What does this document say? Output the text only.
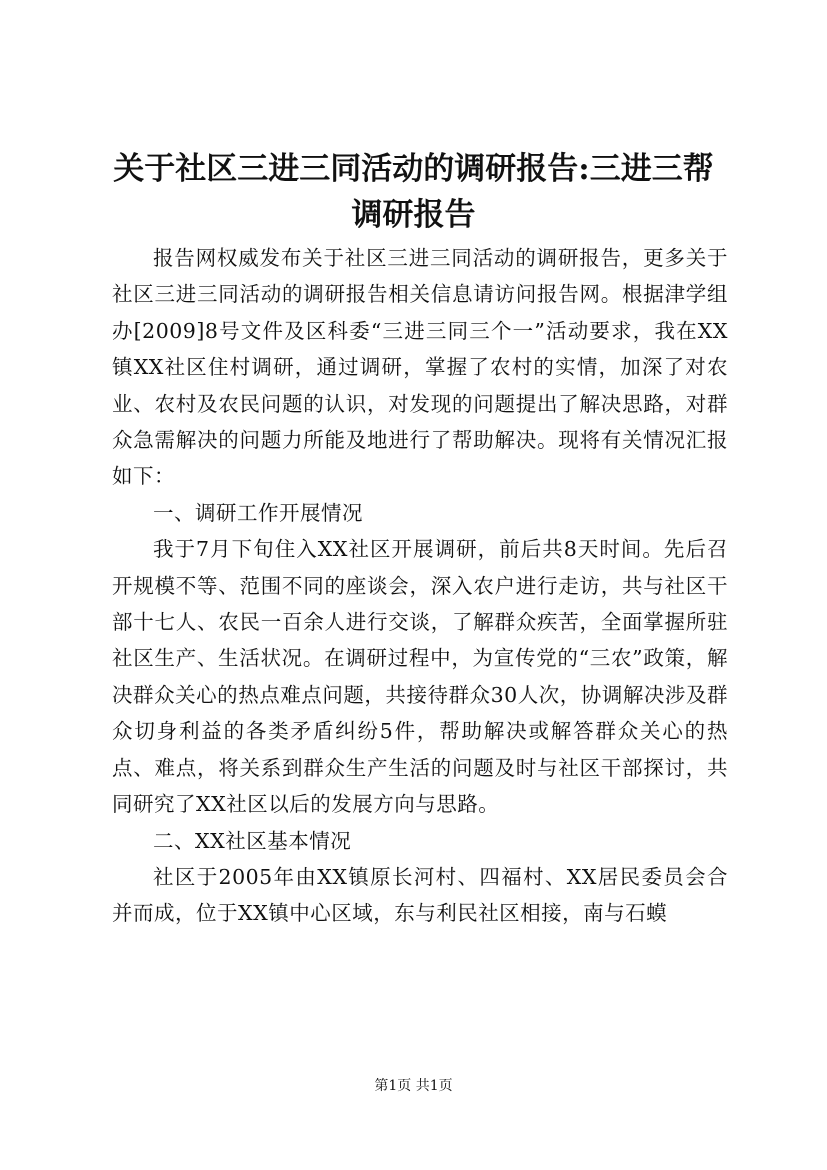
关于社区三进三同活动的调研报告:三进三帮调研报告

报告网权威发布关于社区三进三同活动的调研报告，更多关于社区三进三同活动的调研报告相关信息请访问报告网。根据津学组办[2009]8号文件及区科委“三进三同三个一”活动要求，我在XX镇XX社区住村调研，通过调研，掌握了农村的实情，加深了对农业、农村及农民问题的认识，对发现的问题提出了解决思路，对群众急需解决的问题力所能及地进行了帮助解决。现将有关情况汇报如下：

一、调研工作开展情况

我于7月下旬住入XX社区开展调研，前后共8天时间。先后召开规模不等、范围不同的座谈会，深入农户进行走访，共与社区干部十七人、农民一百余人进行交谈，了解群众疾苦，全面掌握所驻社区生产、生活状况。在调研过程中，为宣传党的“三农”政策，解决群众关心的热点难点问题，共接待群众30人次，协调解决涉及群众切身利益的各类矛盾纠纷5件，帮助解决或解答群众关心的热点、难点，将关系到群众生产生活的问题及时与社区干部探讨，共同研究了XX社区以后的发展方向与思路。

二、XX社区基本情况

社区于2005年由XX镇原长河村、四福村、XX居民委员会合并而成，位于XX镇中心区域，东与利民社区相接，南与石蟆

第1页 共1页
